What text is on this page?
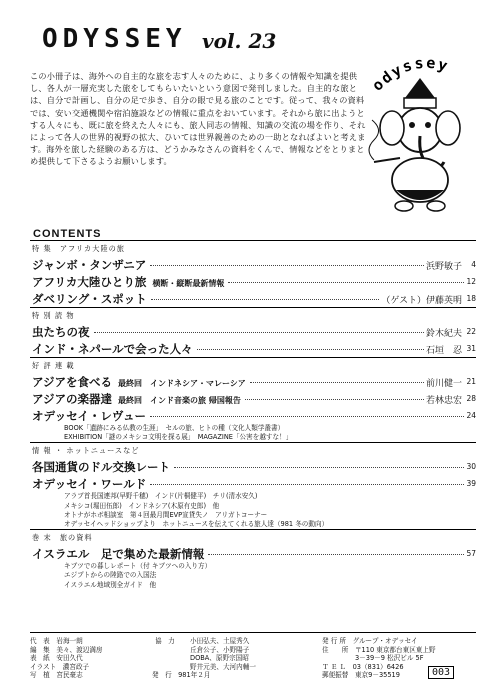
ODYSSEY vol. 23
この小冊子は、海外への自主的な旅を志す人々のために、より多くの情報や知識を提供し、各人が一層充実した旅をしてもらいたいという意図で発刊しました。自主的な旅とは、自分で計画し、自分の足で歩き、自分の眼で見る旅のことです。従って、我々の資料では、安い交通機関や宿泊施設などの情報に重点をおいています。それから旅に出ようとする人々にも、既に旅を終えた人々にも、旅人同志の情報、知識の交流の場を作り、それによって各人の世界的視野の拡大、ひいては世界親善のための一助となればよいと考えます。海外を旅した経験のある方は、どうかみなさんの資料をくんで、情報などをとりまとめ提供して下さるようお願いします。
odyssey
CONTENTS
特 集　アフリカ大陸の旅
ジャンボ・タンザニア	浜野敏子 4
アフリカ大陸ひとり旅 横断・縦断最新情報	12
ダベリング・スポット	（ゲスト）伊藤英明 18
特 別 読 物
虫たちの夜	鈴木紀夫 22
インド・ネパールで会った人々	石垣　忍 31
好 評 連 載
アジアを食べる 最終回　インドネシア・マレーシア	前川健一 21
アジアの楽器達 最終回　インド音楽の旅 帰国報告	若林忠宏 28
オデッセイ・レヴュー	24
BOOK「遺跡にみる仏教の生涯」　セルの旅、ヒトの種（文化人類学叢書）
EXHIBITION「謎のメキシコ文明を探る展」　MAGAZINE「公害を越すな！」
情 報 ・ ホットニュースなど
各国通貨のドル交換レート	30
オデッセイ・ワールド	39
アラブ首長国連邦(早野千穂)　インド(片桐健平)　チリ(清水安久)
メキシコ(堀田伍郎)　インドネシア(木原有史郎)　他
オトナがホボ相談室　第４回最月間EVP宣貸失ノ　アリガトコーナー
オデッセイヘッドショップより　ホットニュースを伝えてくれる旅人達（981 冬の動向）
巻 末　旅の資料
イスラエル　足で集めた最新情報	57
キブツでの暮しレポート（付 キブツへの入り方）
エジプトからの陸路での入国法
イスラエル地域別全ガイド　他
代　表　岩海一朗
編　集　美々、渡辺満房
表　紙　安田久代
イラスト　濃宮政子
写　植　宮民豪志
協　力	小田弘夫、土屋秀久
丘倉公子、小野陽子
DOBA、原野宗国昭
野井元美、大河内輔一
発　行 981年２月
発 行 所　グループ・オデッセイ
住　　所　〒110 東京都台東区東上野
　　　　　3－39－9 松沢ビル 5F
Ｔ Ｅ Ｌ　03（831）6426
郵便振替　東京9－35519	003
